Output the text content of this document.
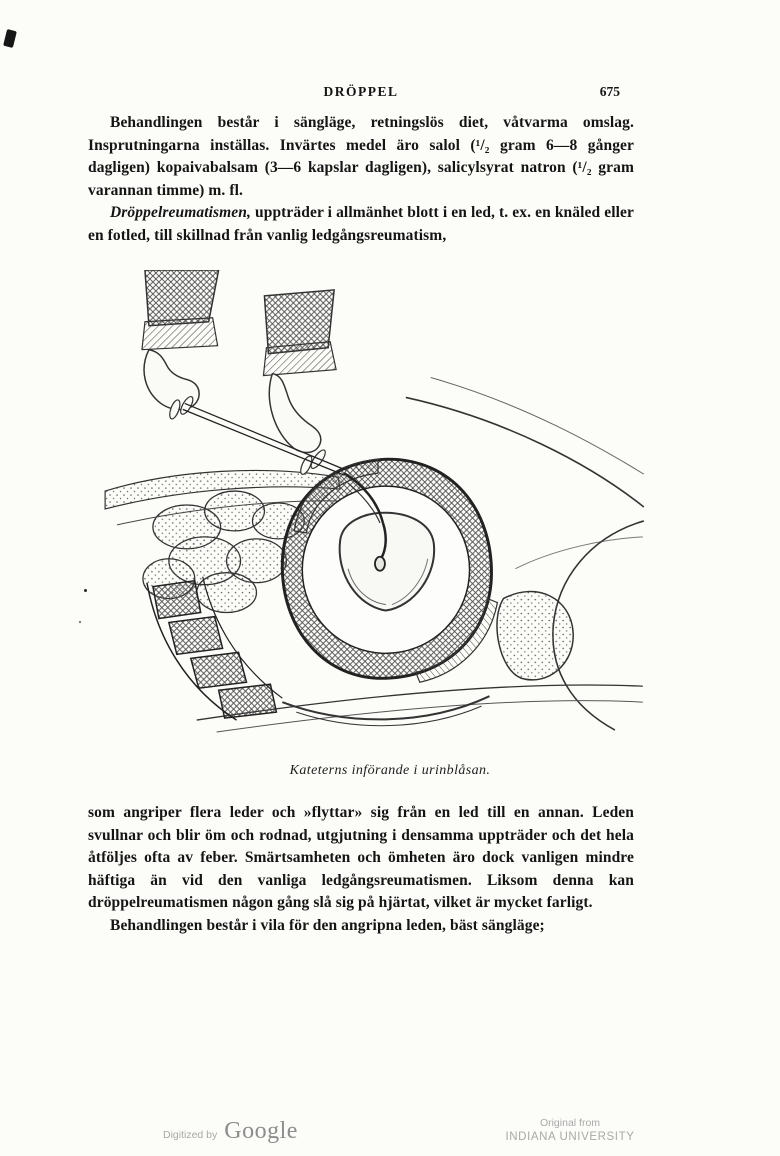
DRÖPPEL	675

Behandlingen består i sängläge, retningslös diet, våtvarma omslag. Insprutningarna inställas. Invärtes medel äro salol (¹/₂ gram 6—8 gånger dagligen) kopaivabalsam (3—6 kapslar dagligen), salicylsyrat natron (¹/₂ gram varannan timme) m. fl.

Dröppelreumatismen, uppträder i allmänhet blott i en led, t. ex. en knäled eller en fotled, till skillnad från vanlig ledgångsreumatism,

Kateterns införande i urinblåsan.

som angriper flera leder och »flyttar» sig från en led till en annan. Leden svullnar och blir öm och rodnad, utgjutning i densamma uppträder och det hela åtföljes ofta av feber. Smärtsamheten och ömheten äro dock vanligen mindre häftiga än vid den vanliga ledgångsreumatismen. Liksom denna kan dröppelreumatismen någon gång slå sig på hjärtat, vilket är mycket farligt.

Behandlingen består i vila för den angripna leden, bäst sängläge;

Digitized by Google	Original from
INDIANA UNIVERSITY
